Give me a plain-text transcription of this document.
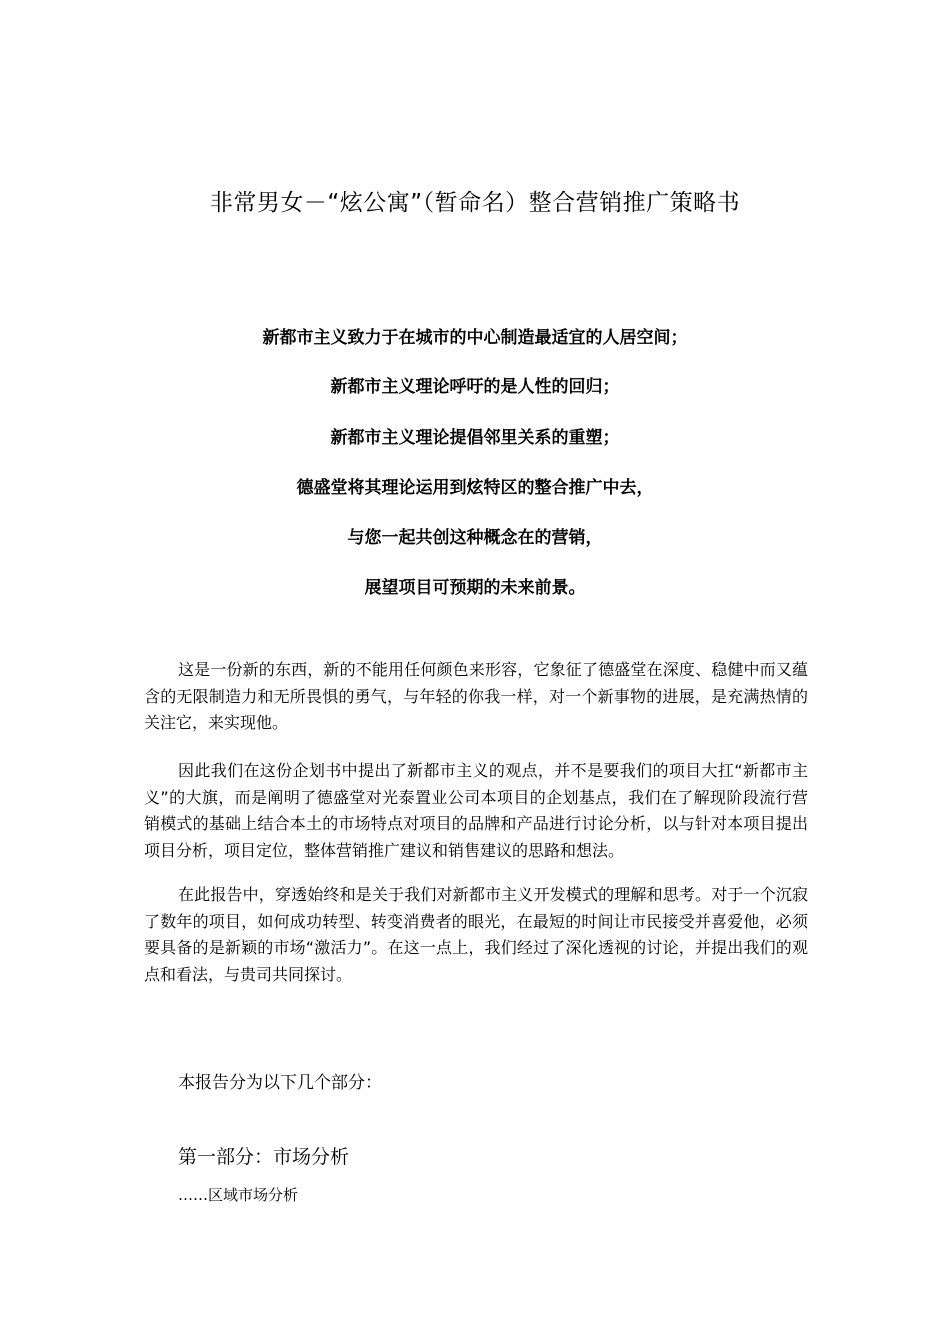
非常男女－“炫公寓”（暂命名）整合营销推广策略书
新都市主义致力于在城市的中心制造最适宜的人居空间；
新都市主义理论呼吁的是人性的回归；
新都市主义理论提倡邻里关系的重塑；
德盛堂将其理论运用到炫特区的整合推广中去，
与您一起共创这种概念在的营销，
展望项目可预期的未来前景。

这是一份新的东西，新的不能用任何颜色来形容，它象征了德盛堂在深度、稳健中而又蕴含的无限制造力和无所畏惧的勇气，与年轻的你我一样，对一个新事物的进展，是充满热情的关注它，来实现他。

因此我们在这份企划书中提出了新都市主义的观点，并不是要我们的项目大扛“新都市主义”的大旗，而是阐明了德盛堂对光泰置业公司本项目的企划基点，我们在了解现阶段流行营销模式的基础上结合本土的市场特点对项目的品牌和产品进行讨论分析，以与针对本项目提出项目分析，项目定位，整体营销推广建议和销售建议的思路和想法。

在此报告中，穿透始终和是关于我们对新都市主义开发模式的理解和思考。对于一个沉寂了数年的项目，如何成功转型、转变消费者的眼光，在最短的时间让市民接受并喜爱他，必须要具备的是新颖的市场“激活力”。在这一点上，我们经过了深化透视的讨论，并提出我们的观点和看法，与贵司共同探讨。

本报告分为以下几个部分：
第一部分：市场分析
……区域市场分析
